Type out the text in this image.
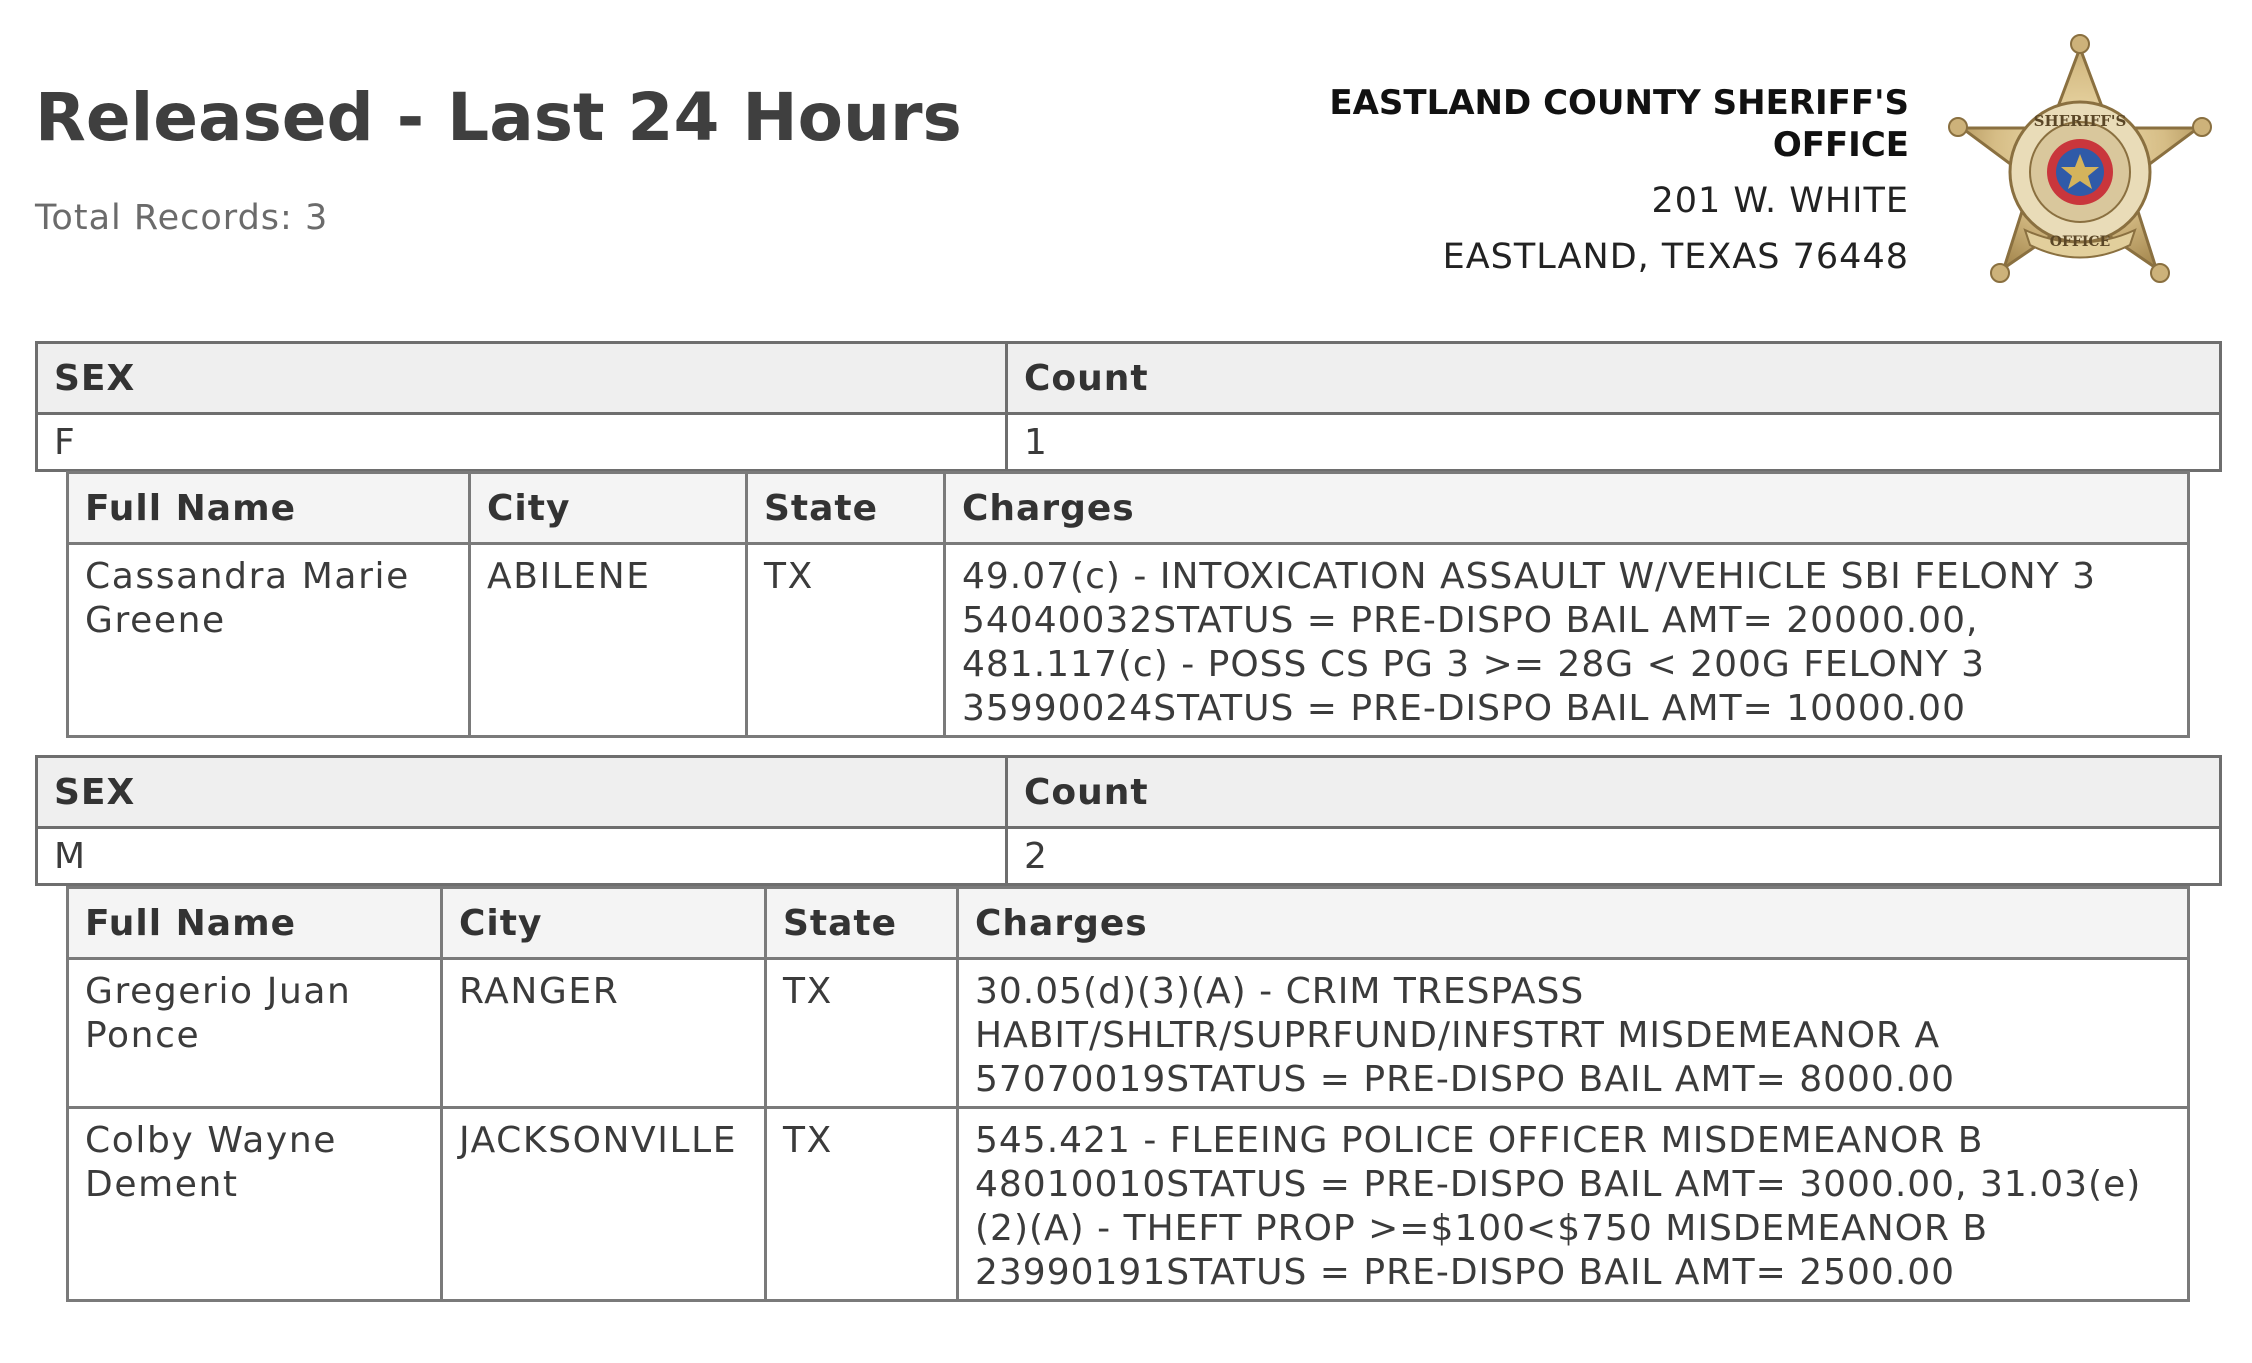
Released - Last 24 Hours
Total Records: 3
EASTLAND COUNTY SHERIFF'S
OFFICE
201 W. WHITE
EASTLAND, TEXAS 76448
SHERIFF'S
OFFICE
SEX	Count
F	1
Full Name	City	State	Charges
Cassandra Marie Greene	ABILENE	TX	49.07(c) - INTOXICATION ASSAULT W/VEHICLE SBI FELONY 3 54040032STATUS = PRE-DISPO BAIL AMT= 20000.00, 481.117(c) - POSS CS PG 3 >= 28G < 200G FELONY 3 35990024STATUS = PRE-DISPO BAIL AMT= 10000.00
SEX	Count
M	2
Full Name	City	State	Charges
Gregerio Juan Ponce	RANGER	TX	30.05(d)(3)(A) - CRIM TRESPASS HABIT/SHLTR/SUPRFUND/INFSTRT MISDEMEANOR A 57070019STATUS = PRE-DISPO BAIL AMT= 8000.00
Colby Wayne Dement	JACKSONVILLE	TX	545.421 - FLEEING POLICE OFFICER MISDEMEANOR B 48010010STATUS = PRE-DISPO BAIL AMT= 3000.00, 31.03(e)(2)(A) - THEFT PROP >=$100<$750 MISDEMEANOR B 23990191STATUS = PRE-DISPO BAIL AMT= 2500.00
